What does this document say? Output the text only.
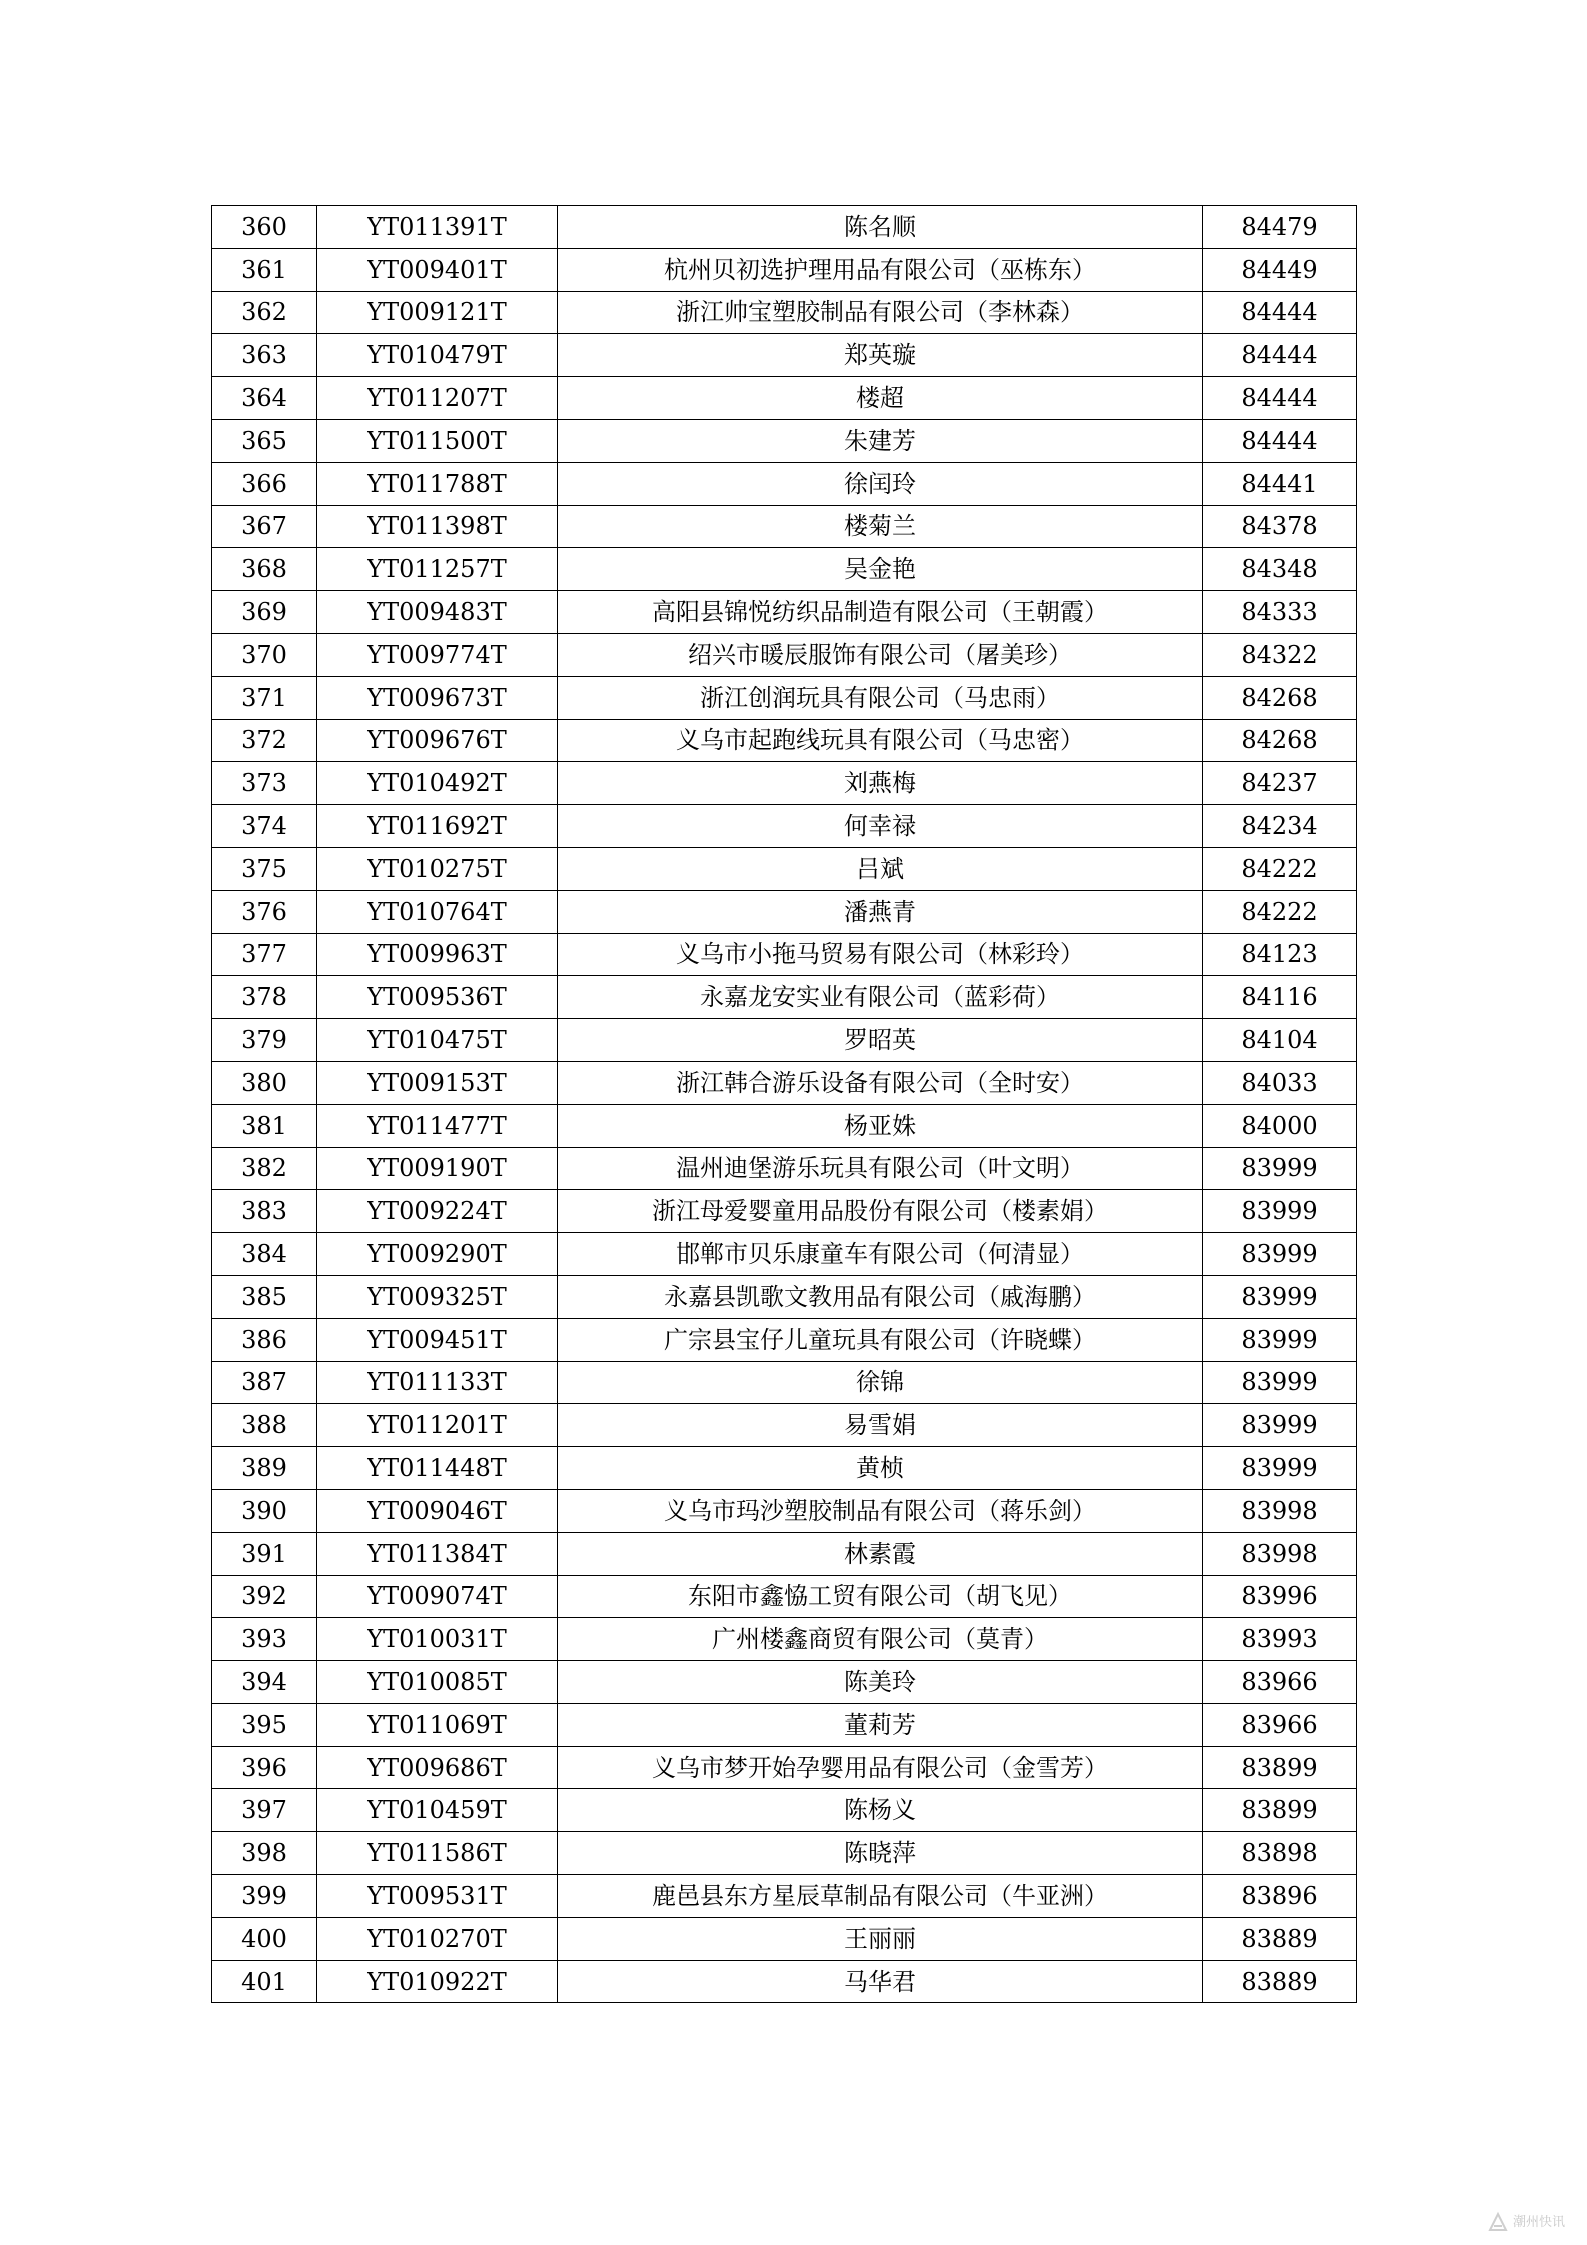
360	YT011391T	陈名顺	84479
361	YT009401T	杭州贝初选护理用品有限公司（巫栋东）	84449
362	YT009121T	浙江帅宝塑胶制品有限公司（李林森）	84444
363	YT010479T	郑英璇	84444
364	YT011207T	楼超	84444
365	YT011500T	朱建芳	84444
366	YT011788T	徐闰玲	84441
367	YT011398T	楼菊兰	84378
368	YT011257T	吴金艳	84348
369	YT009483T	高阳县锦悦纺织品制造有限公司（王朝霞）	84333
370	YT009774T	绍兴市暖辰服饰有限公司（屠美珍）	84322
371	YT009673T	浙江创润玩具有限公司（马忠雨）	84268
372	YT009676T	义乌市起跑线玩具有限公司（马忠密）	84268
373	YT010492T	刘燕梅	84237
374	YT011692T	何幸禄	84234
375	YT010275T	吕斌	84222
376	YT010764T	潘燕青	84222
377	YT009963T	义乌市小拖马贸易有限公司（林彩玲）	84123
378	YT009536T	永嘉龙安实业有限公司（蓝彩荷）	84116
379	YT010475T	罗昭英	84104
380	YT009153T	浙江韩合游乐设备有限公司（全时安）	84033
381	YT011477T	杨亚姝	84000
382	YT009190T	温州迪堡游乐玩具有限公司（叶文明）	83999
383	YT009224T	浙江母爱婴童用品股份有限公司（楼素娟）	83999
384	YT009290T	邯郸市贝乐康童车有限公司（何清显）	83999
385	YT009325T	永嘉县凯歌文教用品有限公司（戚海鹏）	83999
386	YT009451T	广宗县宝仔儿童玩具有限公司（许晓蝶）	83999
387	YT011133T	徐锦	83999
388	YT011201T	易雪娟	83999
389	YT011448T	黄桢	83999
390	YT009046T	义乌市玛沙塑胶制品有限公司（蒋乐剑）	83998
391	YT011384T	林素霞	83998
392	YT009074T	东阳市鑫恊工贸有限公司（胡飞见）	83996
393	YT010031T	广州楼鑫商贸有限公司（莫青）	83993
394	YT010085T	陈美玲	83966
395	YT011069T	董莉芳	83966
396	YT009686T	义乌市梦开始孕婴用品有限公司（金雪芳）	83899
397	YT010459T	陈杨义	83899
398	YT011586T	陈晓萍	83898
399	YT009531T	鹿邑县东方星辰草制品有限公司（牛亚洲）	83896
400	YT010270T	王丽丽	83889
401	YT010922T	马华君	83889
潮州快讯
